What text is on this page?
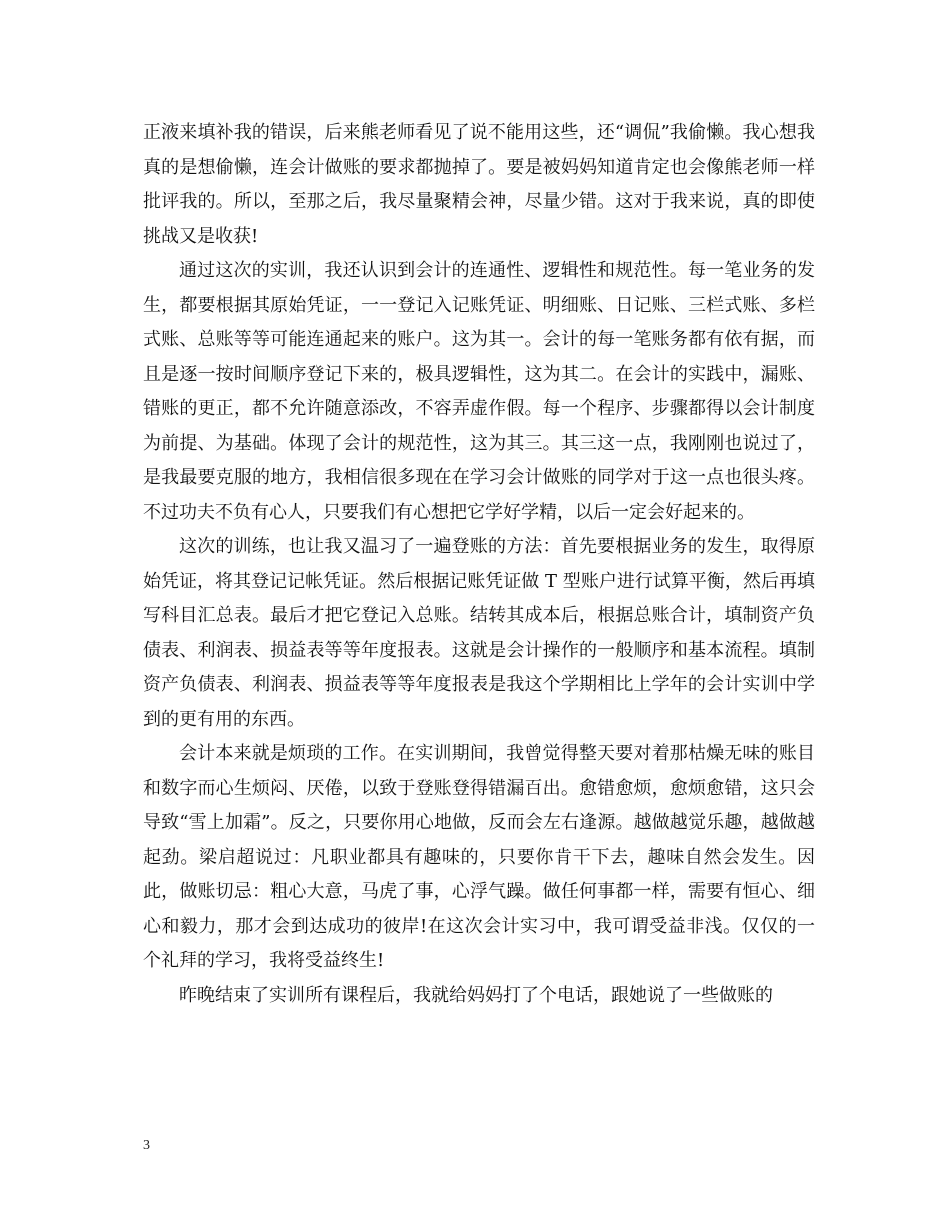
正液来填补我的错误，后来熊老师看见了说不能用这些，还“调侃”我偷懒。我心想我真的是想偷懒，连会计做账的要求都抛掉了。要是被妈妈知道肯定也会像熊老师一样批评我的。所以，至那之后，我尽量聚精会神，尽量少错。这对于我来说，真的即使挑战又是收获!

通过这次的实训，我还认识到会计的连通性、逻辑性和规范性。每一笔业务的发生，都要根据其原始凭证，一一登记入记账凭证、明细账、日记账、三栏式账、多栏式账、总账等等可能连通起来的账户。这为其一。会计的每一笔账务都有依有据，而且是逐一按时间顺序登记下来的，极具逻辑性，这为其二。在会计的实践中，漏账、错账的更正，都不允许随意添改，不容弄虚作假。每一个程序、步骤都得以会计制度为前提、为基础。体现了会计的规范性，这为其三。其三这一点，我刚刚也说过了，是我最要克服的地方，我相信很多现在在学习会计做账的同学对于这一点也很头疼。不过功夫不负有心人，只要我们有心想把它学好学精，以后一定会好起来的。

这次的训练，也让我又温习了一遍登账的方法：首先要根据业务的发生，取得原始凭证，将其登记记帐凭证。然后根据记账凭证做 T 型账户进行试算平衡，然后再填写科目汇总表。最后才把它登记入总账。结转其成本后，根据总账合计，填制资产负债表、利润表、损益表等等年度报表。这就是会计操作的一般顺序和基本流程。填制资产负债表、利润表、损益表等等年度报表是我这个学期相比上学年的会计实训中学到的更有用的东西。

会计本来就是烦琐的工作。在实训期间，我曾觉得整天要对着那枯燥无味的账目和数字而心生烦闷、厌倦，以致于登账登得错漏百出。愈错愈烦，愈烦愈错，这只会导致“雪上加霜”。反之，只要你用心地做，反而会左右逢源。越做越觉乐趣，越做越起劲。梁启超说过：凡职业都具有趣味的，只要你肯干下去，趣味自然会发生。因此，做账切忌：粗心大意，马虎了事，心浮气躁。做任何事都一样，需要有恒心、细心和毅力，那才会到达成功的彼岸!在这次会计实习中，我可谓受益非浅。仅仅的一个礼拜的学习，我将受益终生!

昨晚结束了实训所有课程后，我就给妈妈打了个电话，跟她说了一些做账的

3
